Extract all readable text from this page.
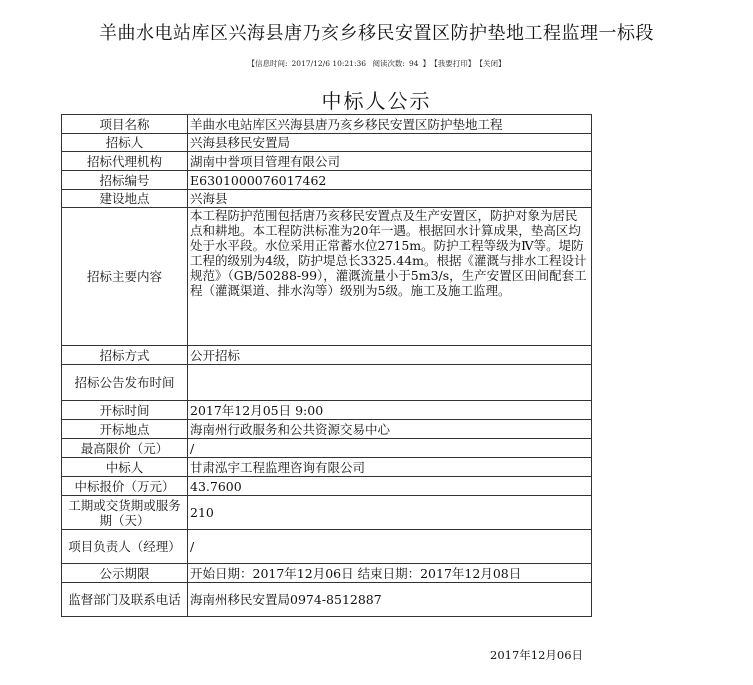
羊曲水电站库区兴海县唐乃亥乡移民安置区防护垫地工程监理一标段
【信息时间: 2017/12/6 10:21:36 阅读次数: 94 】 【我要打印】 【关闭】
中标人公示
项目名称	羊曲水电站库区兴海县唐乃亥乡移民安置区防护垫地工程
招标人	兴海县移民安置局
招标代理机构	湖南中誉项目管理有限公司
招标编号	E6301000076017462
建设地点	兴海县
招标主要内容	本工程防护范围包括唐乃亥移民安置点及生产安置区，防护对象为居民点和耕地。本工程防洪标准为20年一遇。根据回水计算成果，垫高区均处于水平段。水位采用正常蓄水位2715m。防护工程等级为Ⅳ等。堤防工程的级别为4级，防护堤总长3325.44m。根据《灌溉与排水工程设计规范》（GB/50288-99），灌溉流量小于5m3/s，生产安置区田间配套工程（灌溉渠道、排水沟等）级别为5级。施工及施工监理。
招标方式	公开招标
招标公告发布时间	
开标时间	2017年12月05日 9:00
开标地点	海南州行政服务和公共资源交易中心
最高限价（元）	/
中标人	甘肃泓宇工程监理咨询有限公司
中标报价（万元）	43.7600
工期或交货期或服务期（天）	210
项目负责人（经理）	/
公示期限	开始日期：2017年12月06日 结束日期：2017年12月08日
监督部门及联系电话	海南州移民安置局0974-8512887
2017年12月06日
